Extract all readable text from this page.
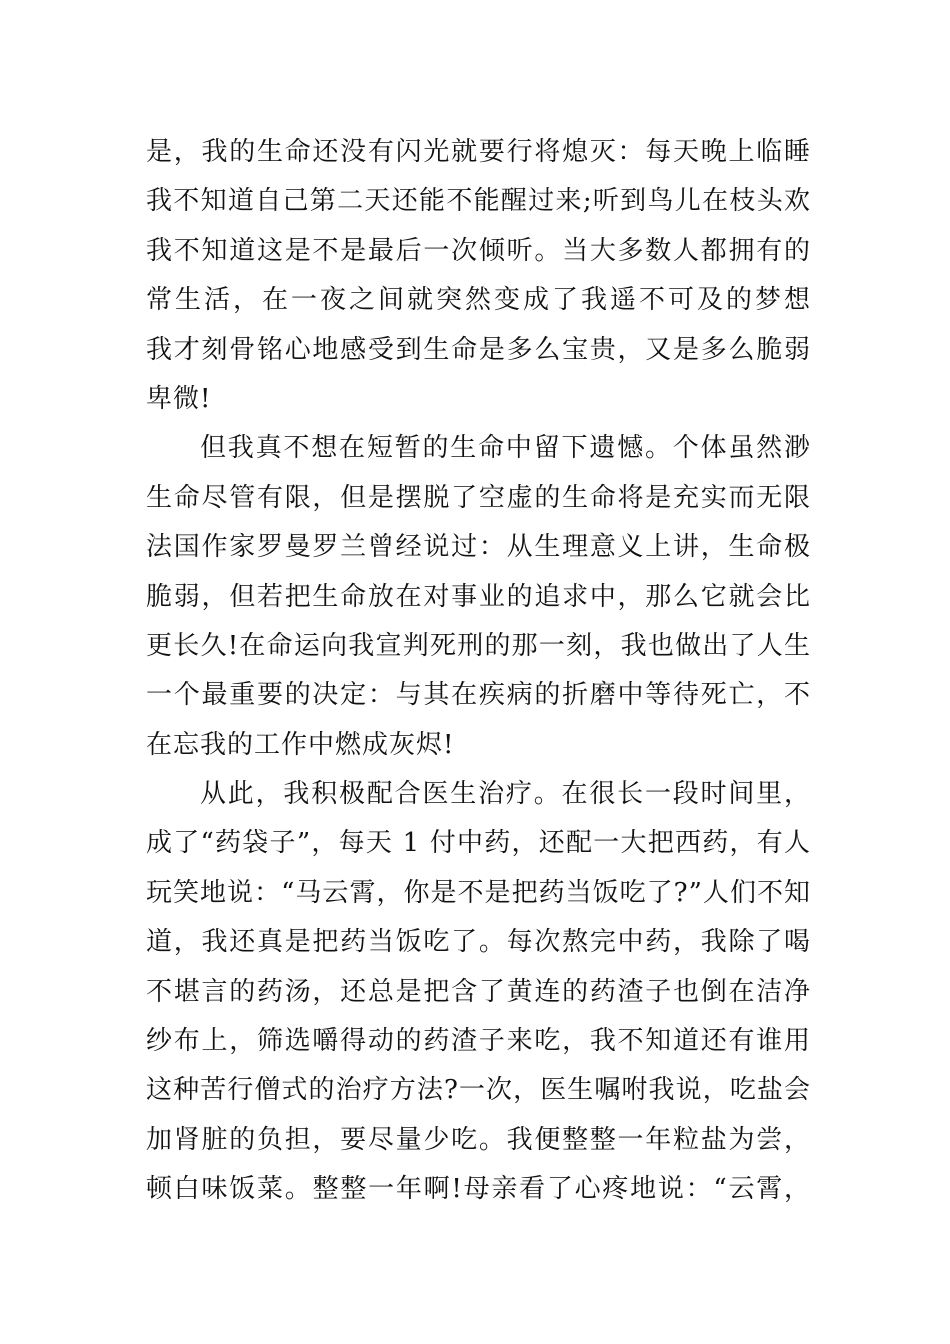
是，我的生命还没有闪光就要行将熄灭：每天晚上临睡
我不知道自己第二天还能不能醒过来;听到鸟儿在枝头欢
我不知道这是不是最后一次倾听。当大多数人都拥有的
常生活，在一夜之间就突然变成了我遥不可及的梦想
我才刻骨铭心地感受到生命是多么宝贵，又是多么脆弱
卑微!
但我真不想在短暂的生命中留下遗憾。个体虽然渺
生命尽管有限，但是摆脱了空虚的生命将是充实而无限
法国作家罗曼罗兰曾经说过：从生理意义上讲，生命极
脆弱，但若把生命放在对事业的追求中，那么它就会比
更长久!在命运向我宣判死刑的那一刻，我也做出了人生
一个最重要的决定：与其在疾病的折磨中等待死亡，不
在忘我的工作中燃成灰烬!
从此，我积极配合医生治疗。在很长一段时间里，
成了“药袋子”，每天 1 付中药，还配一大把西药，有人
玩笑地说：“马云霄，你是不是把药当饭吃了?”人们不知
道，我还真是把药当饭吃了。每次熬完中药，我除了喝
不堪言的药汤，还总是把含了黄连的药渣子也倒在洁净
纱布上，筛选嚼得动的药渣子来吃，我不知道还有谁用
这种苦行僧式的治疗方法?一次，医生嘱咐我说，吃盐会
加肾脏的负担，要尽量少吃。我便整整一年粒盐为尝，
顿白味饭菜。整整一年啊!母亲看了心疼地说：“云霄，
